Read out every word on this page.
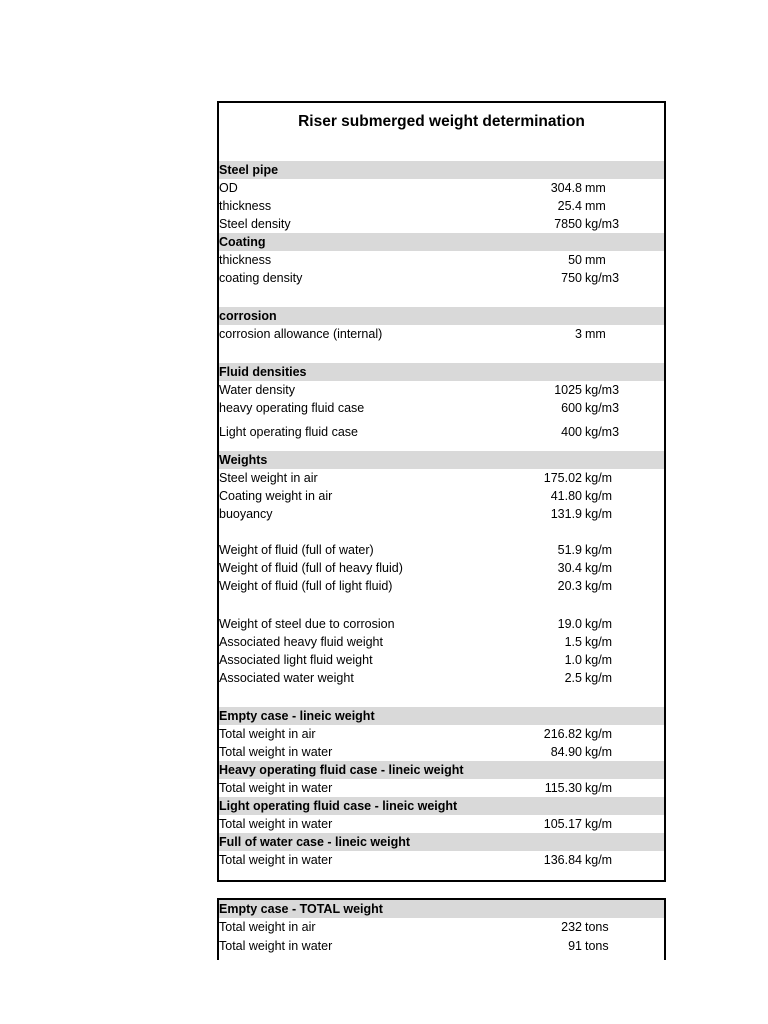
Riser submerged weight determination
Steel pipe
OD	304.8 mm
thickness	25.4 mm
Steel density	7850 kg/m3
Coating
thickness	50 mm
coating density	750 kg/m3
corrosion
corrosion allowance (internal)	3 mm
Fluid densities
Water density	1025 kg/m3
heavy operating fluid case	600 kg/m3
Light operating fluid case	400 kg/m3
Weights
Steel weight in air	175.02 kg/m
Coating weight in air	41.80 kg/m
buoyancy	131.9 kg/m
Weight of fluid (full of water)	51.9 kg/m
Weight of fluid (full of heavy fluid)	30.4 kg/m
Weight of fluid (full of light fluid)	20.3 kg/m
Weight of steel due to corrosion	19.0 kg/m
Associated heavy fluid weight	1.5 kg/m
Associated light fluid weight	1.0 kg/m
Associated water weight	2.5 kg/m
Empty case - lineic weight
Total weight in air	216.82 kg/m
Total weight in water	84.90 kg/m
Heavy operating fluid case - lineic weight
Total weight in water	115.30 kg/m
Light operating fluid case - lineic weight
Total weight in water	105.17 kg/m
Full of water case - lineic weight
Total weight in water	136.84 kg/m
Empty case - TOTAL weight
Total weight in air	232 tons
Total weight in water	91 tons
